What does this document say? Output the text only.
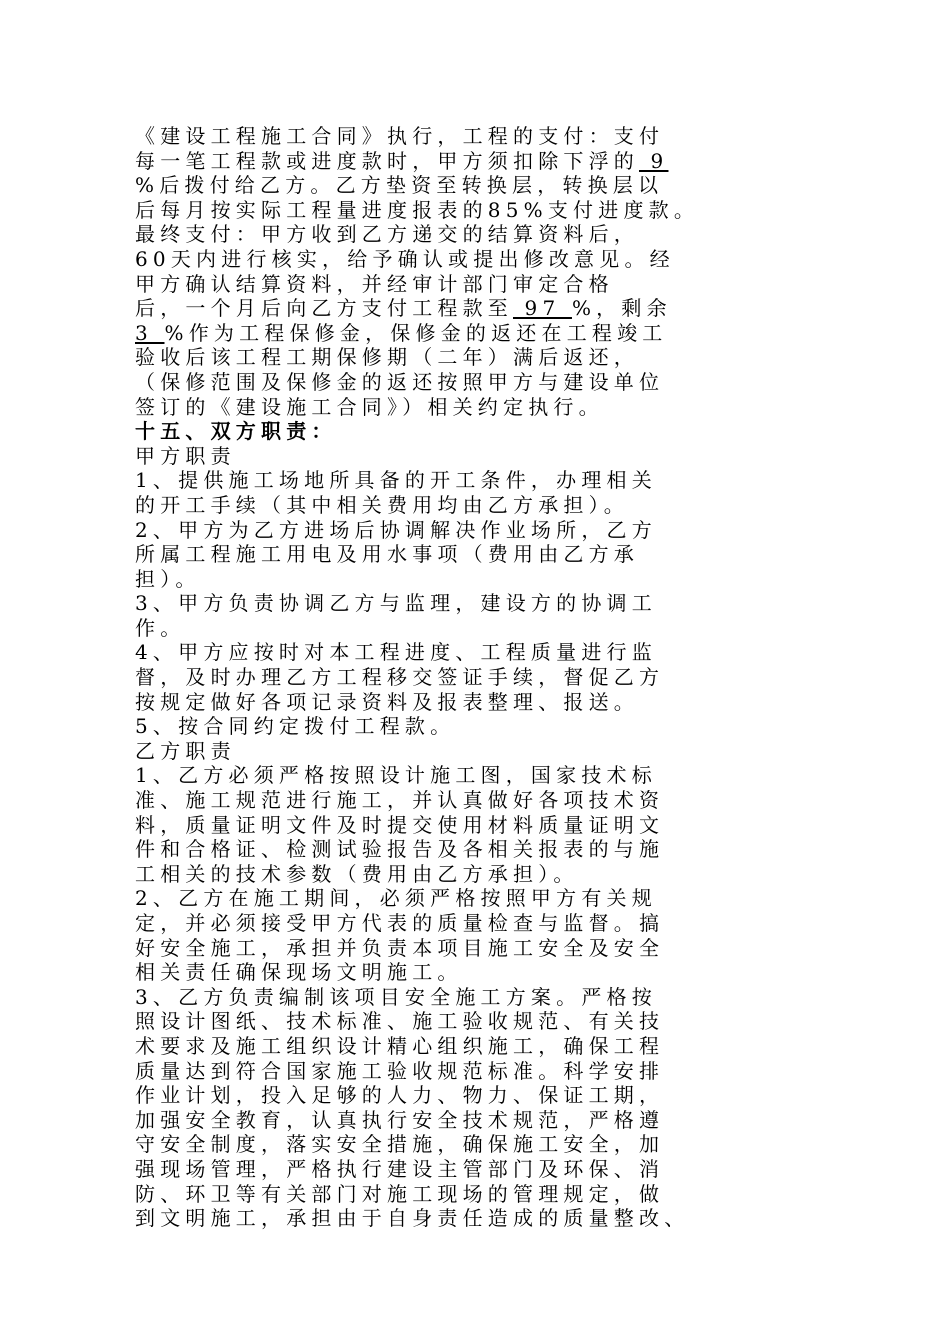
《建设工程施工合同》执行，工程的支付：支付
每一笔工程款或进度款时，甲方须扣除下浮的 9
%后拨付给乙方。乙方垫资至转换层，转换层以
后每月按实际工程量进度报表的85%支付进度款。
最终支付：甲方收到乙方递交的结算资料后，
60天内进行核实，给予确认或提出修改意见。经
甲方确认结算资料，并经审计部门审定合格
后，一个月后向乙方支付工程款至 97 %，剩余
3 %作为工程保修金，保修金的返还在工程竣工
验收后该工程工期保修期（二年）满后返还，
（保修范围及保修金的返还按照甲方与建设单位
签订的《建设施工合同》）相关约定执行。
十五、双方职责：
甲方职责
1、提供施工场地所具备的开工条件，办理相关
的开工手续（其中相关费用均由乙方承担）。
2、甲方为乙方进场后协调解决作业场所，乙方
所属工程施工用电及用水事项（费用由乙方承
担）。
3、甲方负责协调乙方与监理，建设方的协调工
作。
4、甲方应按时对本工程进度、工程质量进行监
督，及时办理乙方工程移交签证手续，督促乙方
按规定做好各项记录资料及报表整理、报送。
5、按合同约定拨付工程款。
乙方职责
1、乙方必须严格按照设计施工图，国家技术标
准、施工规范进行施工，并认真做好各项技术资
料，质量证明文件及时提交使用材料质量证明文
件和合格证、检测试验报告及各相关报表的与施
工相关的技术参数（费用由乙方承担）。
2、乙方在施工期间，必须严格按照甲方有关规
定，并必须接受甲方代表的质量检查与监督。搞
好安全施工，承担并负责本项目施工安全及安全
相关责任确保现场文明施工。
3、乙方负责编制该项目安全施工方案。严格按
照设计图纸、技术标准、施工验收规范、有关技
术要求及施工组织设计精心组织施工，确保工程
质量达到符合国家施工验收规范标准。科学安排
作业计划，投入足够的人力、物力、保证工期，
加强安全教育，认真执行安全技术规范，严格遵
守安全制度，落实安全措施，确保施工安全，加
强现场管理，严格执行建设主管部门及环保、消
防、环卫等有关部门对施工现场的管理规定，做
到文明施工，承担由于自身责任造成的质量整改、
